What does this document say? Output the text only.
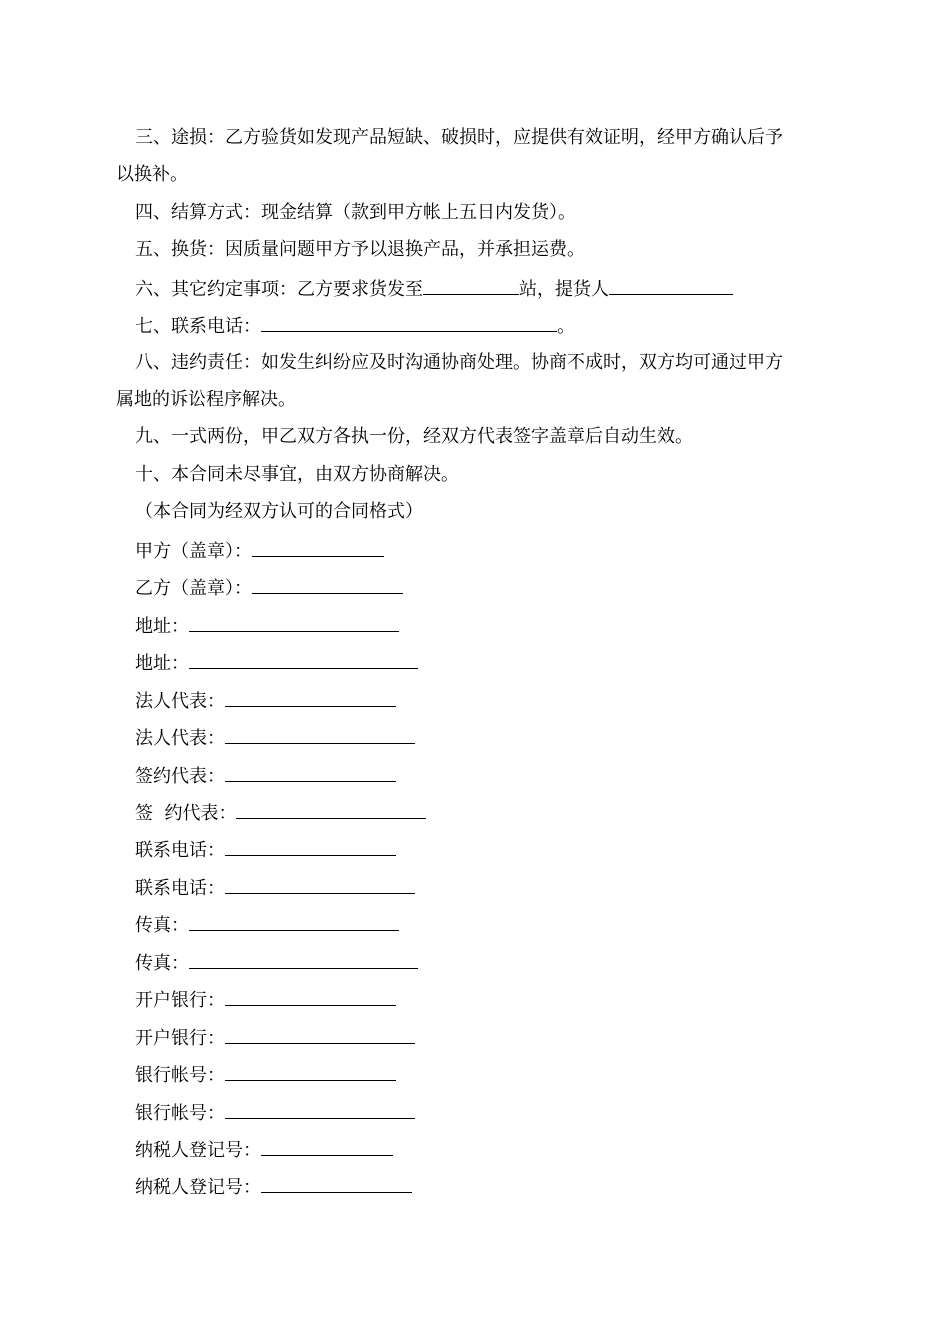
三、途损：乙方验货如发现产品短缺、破损时，应提供有效证明，经甲方确认后予
以换补。
四、结算方式：现金结算（款到甲方帐上五日内发货）。
五、换货：因质量问题甲方予以退换产品，并承担运费。
六、其它约定事项：乙方要求货发至	站，提货人
七、联系电话：	。
八、违约责任：如发生纠纷应及时沟通协商处理。协商不成时，双方均可通过甲方
属地的诉讼程序解决。
九、一式两份，甲乙双方各执一份，经双方代表签字盖章后自动生效。
十、本合同未尽事宜，由双方协商解决。
（本合同为经双方认可的合同格式）
甲方（盖章）：
乙方（盖章）：
地址：
地址：
法人代表：
法人代表：
签约代表：
签  约代表：
联系电话：
联系电话：
传真：
传真：
开户银行：
开户银行：
银行帐号：
银行帐号：
纳税人登记号：
纳税人登记号：
